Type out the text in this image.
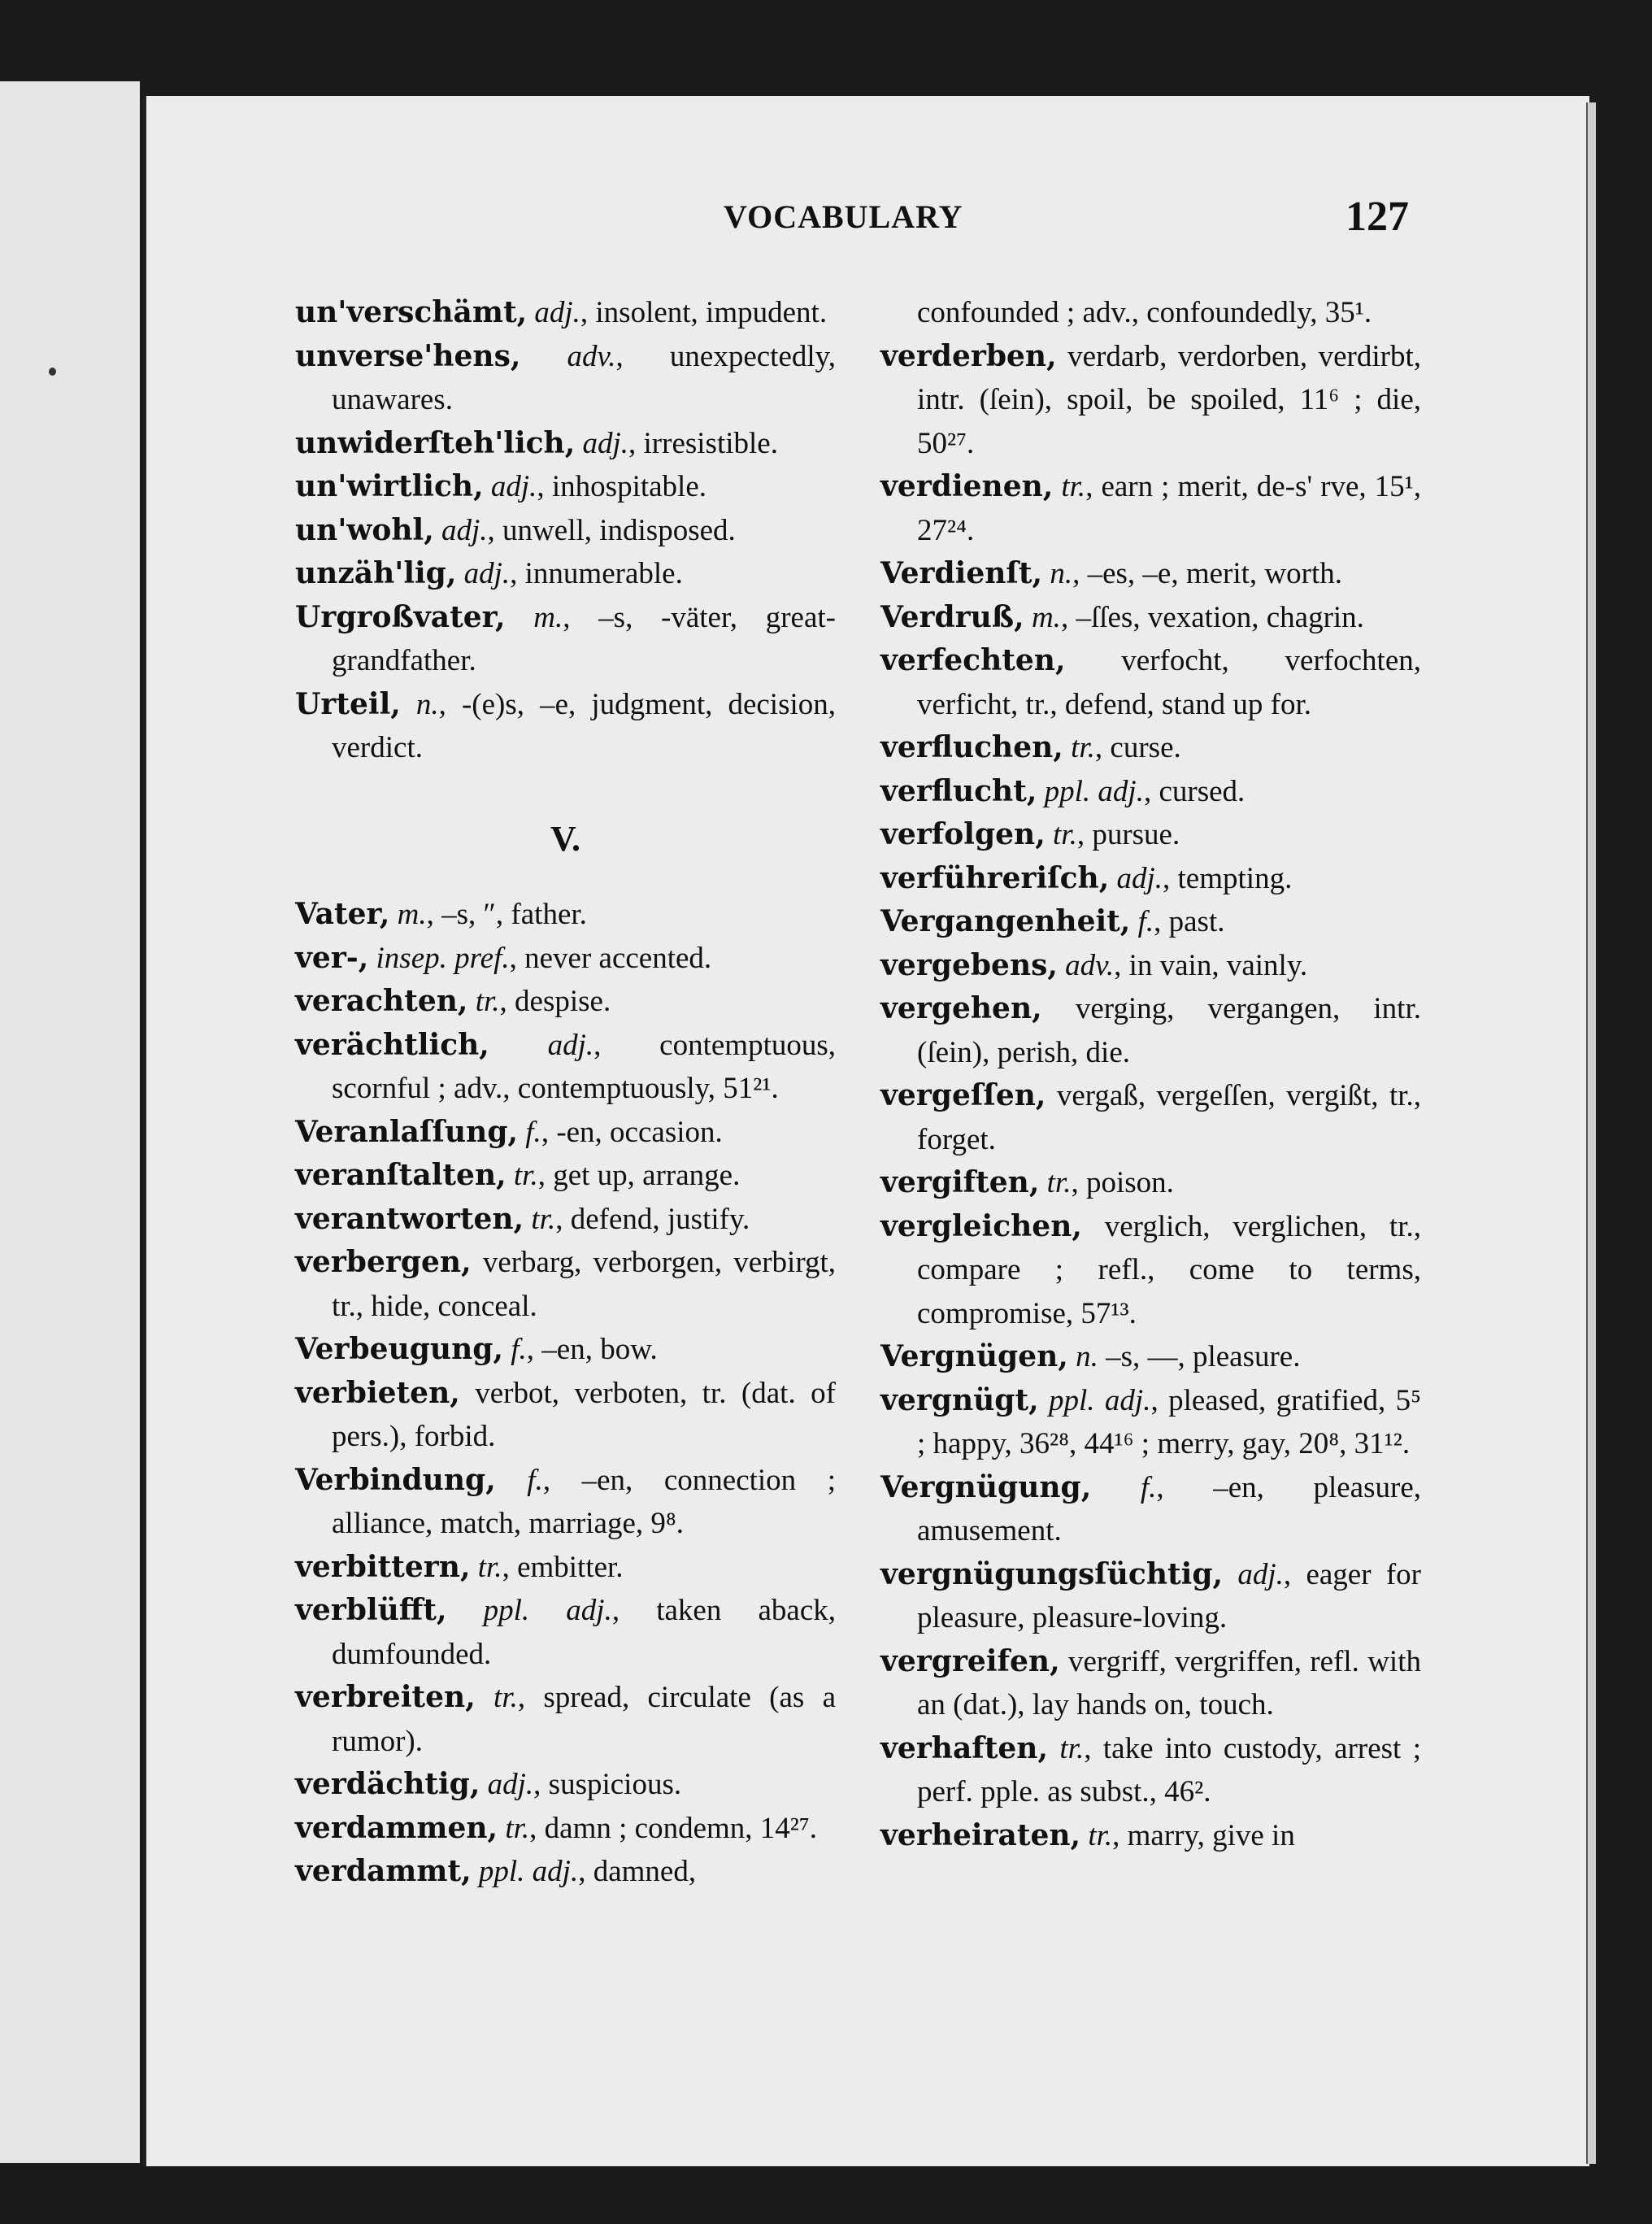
VOCABULARY	127

un'verschämt, adj., insolent, impudent.

unverse'hens, adv., unexpectedly, unawares.

unwiderſteh'lich, adj., irresistible.

un'wirtlich, adj., inhospitable.

un'wohl, adj., unwell, indisposed.

unzäh'lig, adj., innumerable.

Urgroßvater, m., –s, -väter, great-grandfather.

Urteil, n., -(e)s, –e, judgment, decision, verdict.

V.

Vater, m., –s, ″, father.

ver-, insep. pref., never accented.

verachten, tr., despise.

verächtlich, adj., contemptuous, scornful ; adv., contemptuously, 51²¹.

Veranlaſſung, f., -en, occasion.

veranſtalten, tr., get up, arrange.

verantworten, tr., defend, justify.

verbergen, verbarg, verborgen, verbirgt, tr., hide, conceal.

Verbeugung, f., –en, bow.

verbieten, verbot, verboten, tr. (dat. of pers.), forbid.

Verbindung, f., –en, connection ; alliance, match, marriage, 9⁸.

verbittern, tr., embitter.

verblüfft, ppl. adj., taken aback, dumfounded.

verbreiten, tr., spread, circulate (as a rumor).

verdächtig, adj., suspicious.

verdammen, tr., damn ; condemn, 14²⁷.

verdammt, ppl. adj., damned,

confounded ; adv., confoundedly, 35¹.

verderben, verdarb, verdorben, verdirbt, intr. (ſein), spoil, be spoiled, 11⁶ ; die, 50²⁷.

verdienen, tr., earn ; merit, de-s' rve, 15¹, 27²⁴.

Verdienſt, n., –es, –e, merit, worth.

Verdruß, m., –ſſes, vexation, chagrin.

verfechten, verfocht, verfochten, verficht, tr., defend, stand up for.

verfluchen, tr., curse.

verflucht, ppl. adj., cursed.

verfolgen, tr., pursue.

verführeriſch, adj., tempting.

Vergangenheit, f., past.

vergebens, adv., in vain, vainly.

vergehen, verging, vergangen, intr. (ſein), perish, die.

vergeſſen, vergaß, vergeſſen, vergißt, tr., forget.

vergiften, tr., poison.

vergleichen, verglich, verglichen, tr., compare ; refl., come to terms, compromise, 57¹³.

Vergnügen, n. –s, —, pleasure.

vergnügt, ppl. adj., pleased, gratified, 5⁵ ; happy, 36²⁸, 44¹⁶ ; merry, gay, 20⁸, 31¹².

Vergnügung, f., –en, pleasure, amusement.

vergnügungsſüchtig, adj., eager for pleasure, pleasure-loving.

vergreifen, vergriff, vergriffen, refl. with an (dat.), lay hands on, touch.

verhaften, tr., take into custody, arrest ; perf. pple. as subst., 46².

verheiraten, tr., marry, give in
